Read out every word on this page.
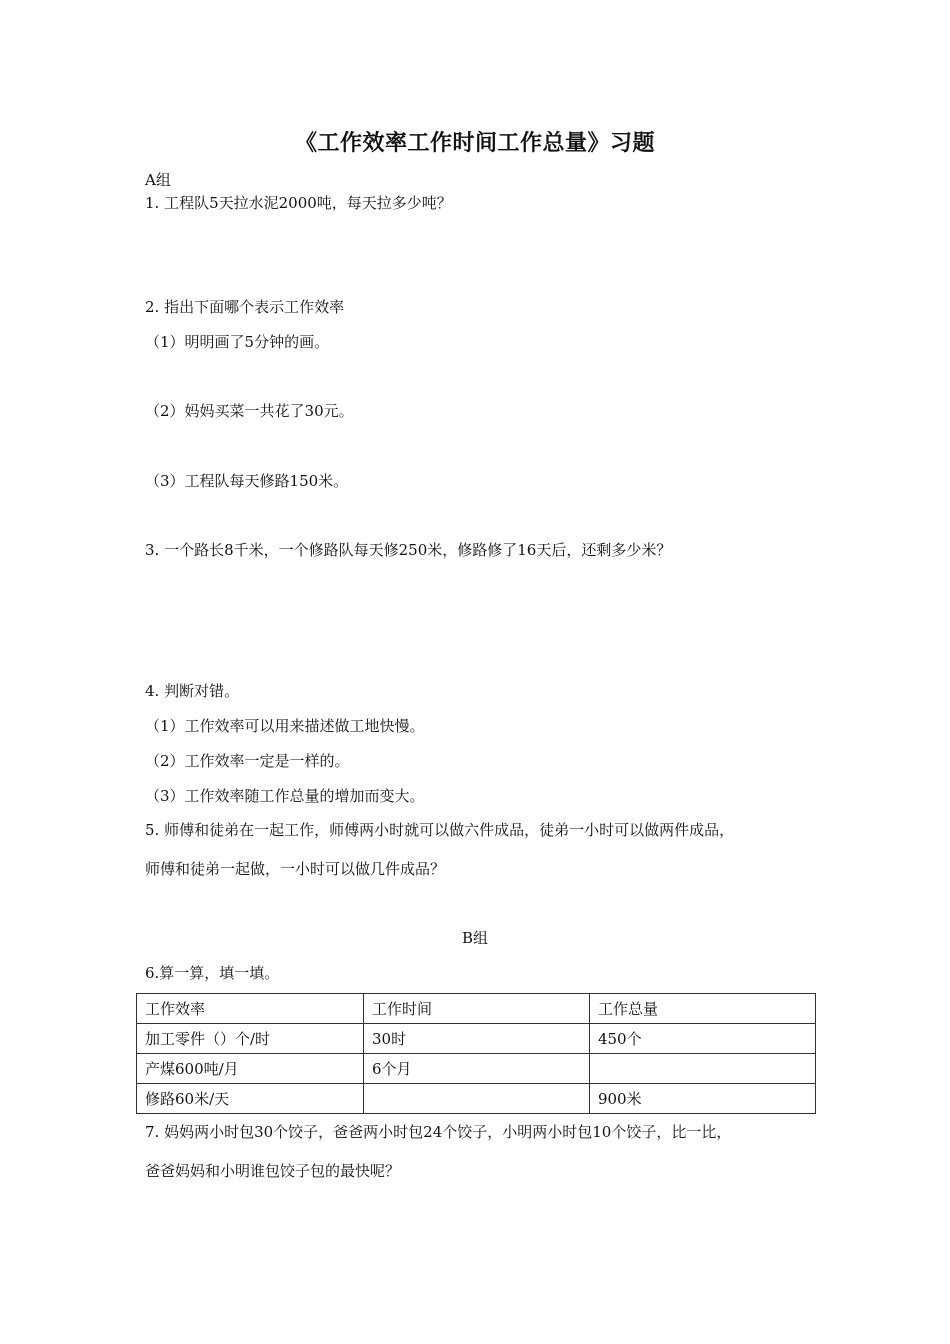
《工作效率工作时间工作总量》习题
A组
1. 工程队5天拉水泥2000吨，每天拉多少吨？
2. 指出下面哪个表示工作效率
（1）明明画了5分钟的画。
（2）妈妈买菜一共花了30元。
（3）工程队每天修路150米。
3. 一个路长8千米，一个修路队每天修250米，修路修了16天后，还剩多少米？
4. 判断对错。
（1）工作效率可以用来描述做工地快慢。
（2）工作效率一定是一样的。
（3）工作效率随工作总量的增加而变大。
5. 师傅和徒弟在一起工作，师傅两小时就可以做六件成品，徒弟一小时可以做两件成品，
师傅和徒弟一起做，一小时可以做几件成品？
B组
6.算一算，填一填。
工作效率	工作时间	工作总量
加工零件（）个/时	30时	450个
产煤600吨/月	6个月	
修路60米/天		900米
7. 妈妈两小时包30个饺子，爸爸两小时包24个饺子，小明两小时包10个饺子，比一比，
爸爸妈妈和小明谁包饺子包的最快呢？
